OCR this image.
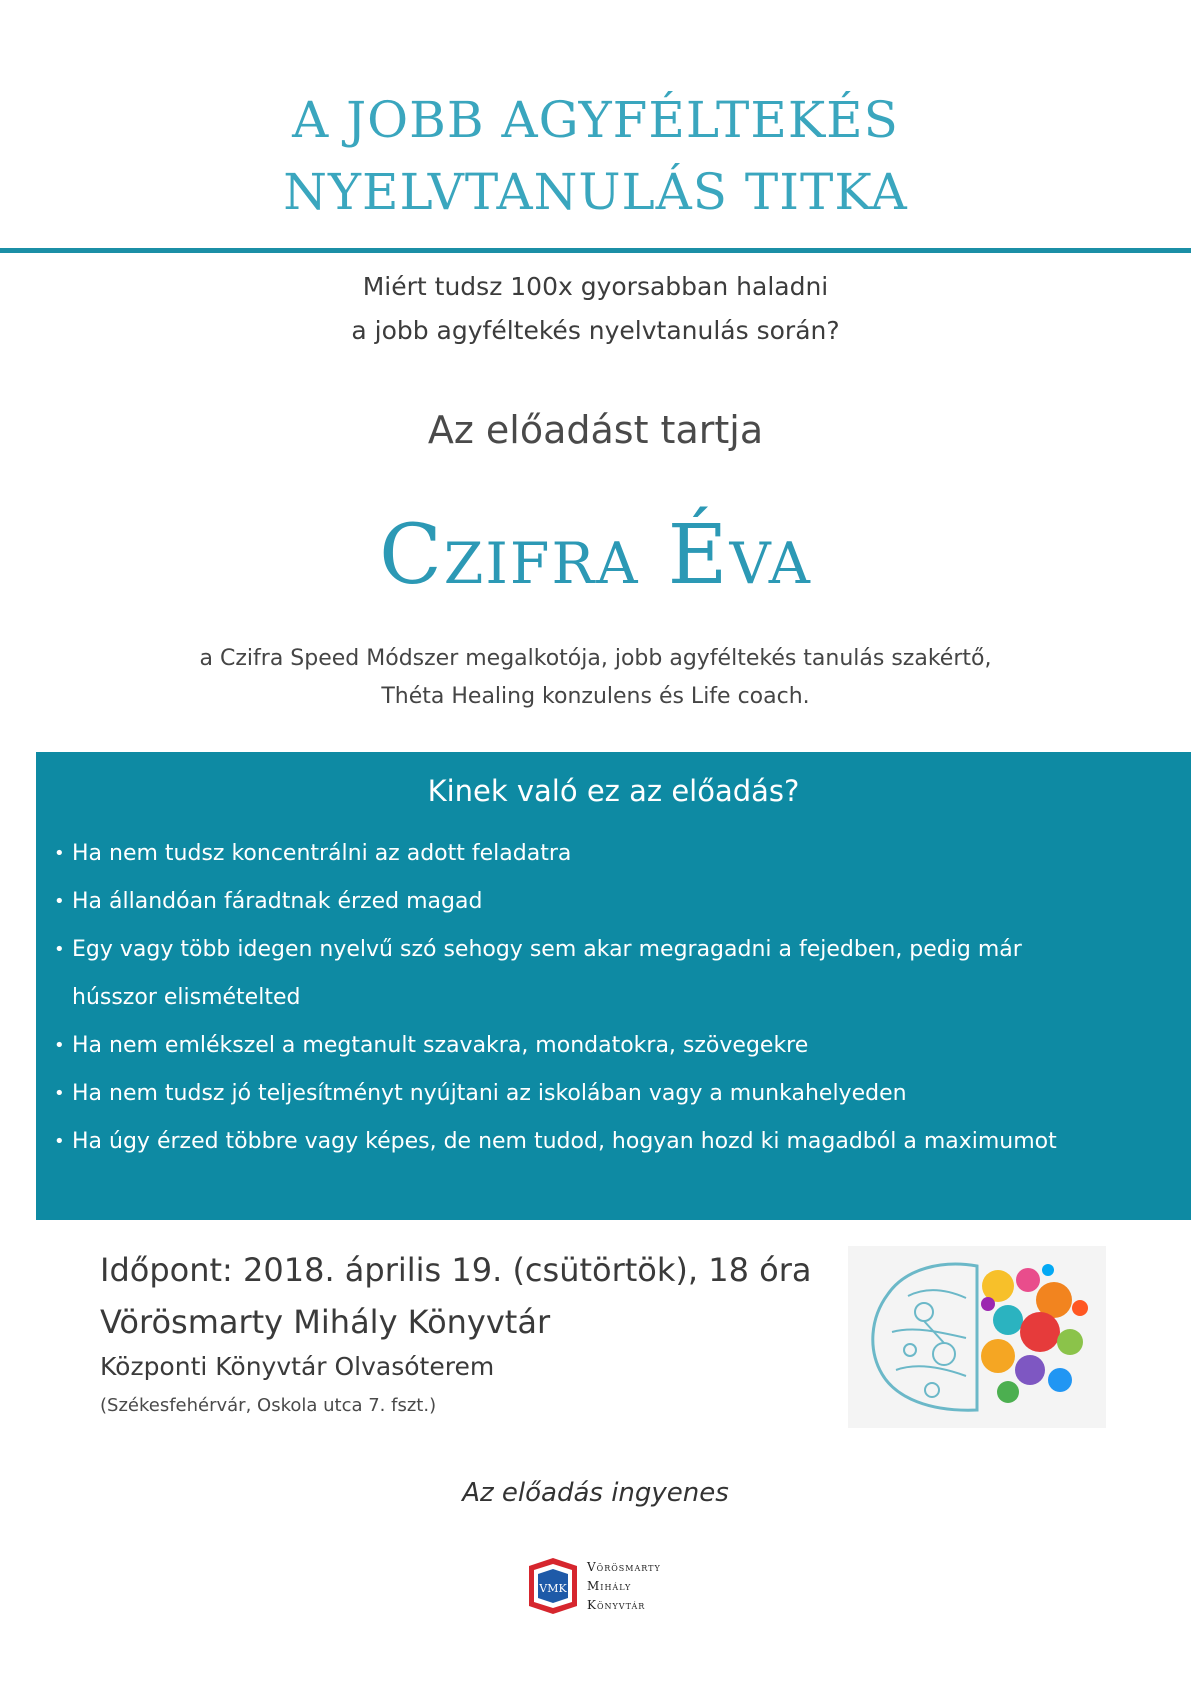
A JOBB AGYFÉLTEKÉS
NYELVTANULÁS TITKA
Miért tudsz 100x gyorsabban haladni
a jobb agyféltekés nyelvtanulás során?
Az előadást tartja
Czifra Éva
a Czifra Speed Módszer megalkotója, jobb agyféltekés tanulás szakértő,
Théta Healing konzulens és Life coach.
Kinek való ez az előadás?
• Ha nem tudsz koncentrálni az adott feladatra
• Ha állandóan fáradtnak érzed magad
• Egy vagy több idegen nyelvű szó sehogy sem akar megragadni a fejedben, pedig már
hússzor elismételted
• Ha nem emlékszel a megtanult szavakra, mondatokra, szövegekre
• Ha nem tudsz jó teljesítményt nyújtani az iskolában vagy a munkahelyeden
• Ha úgy érzed többre vagy képes, de nem tudod, hogyan hozd ki magadból a maximumot
Időpont: 2018. április 19. (csütörtök), 18 óra
Vörösmarty Mihály Könyvtár
Központi Könyvtár Olvasóterem
(Székesfehérvár, Oskola utca 7. fszt.)
Az előadás ingyenes
VMK
Vörösmarty
Mihály
Könyvtár
